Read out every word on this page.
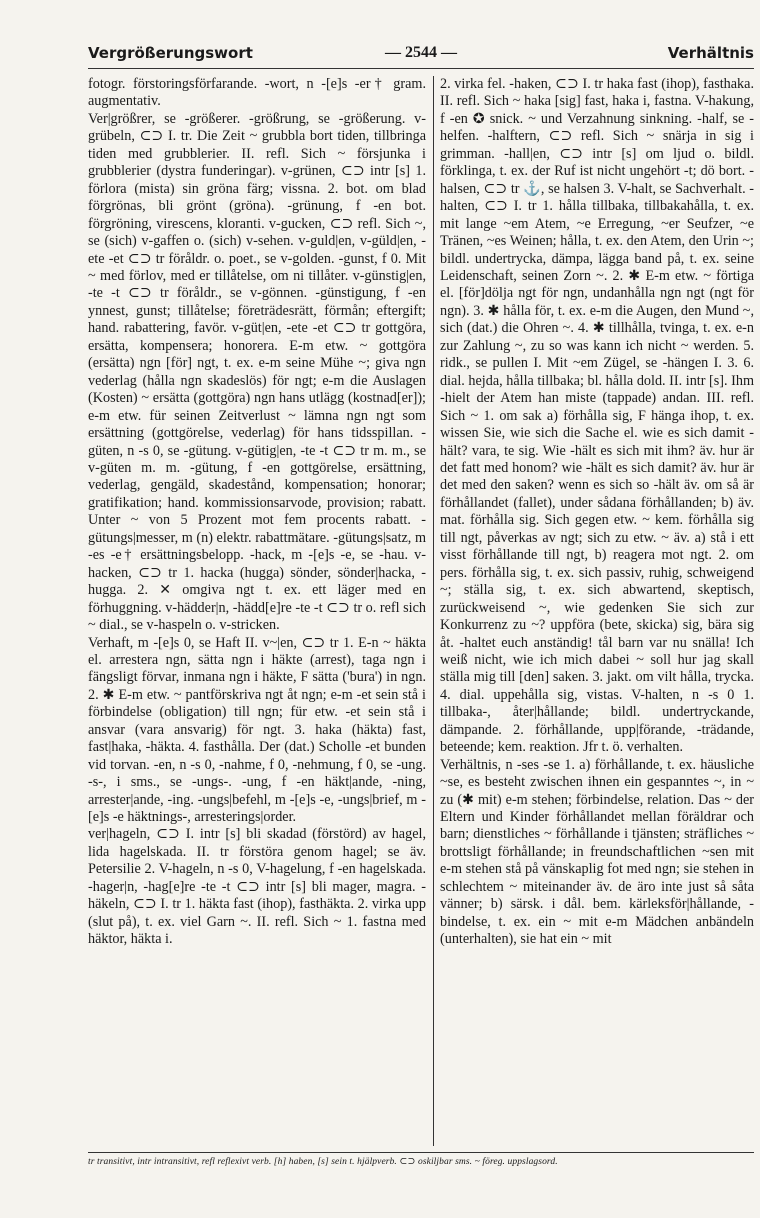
Vergrößerungswort	— 2544 —	Verhältnis

fotogr. förstoringsförfarande. -wort, n -[e]s -er† gram. augmentativ.

Ver|größrer, se -größerer. -größrung, se -größerung. v-grübeln, ⊂⊃ I. tr. Die Zeit ~ grubbla bort tiden, tillbringa tiden med grubblerier. II. refl. Sich ~ försjunka i grubblerier (dystra funderingar). v-grünen, ⊂⊃ intr [s] 1. förlora (mista) sin gröna färg; vissna. 2. bot. om blad förgrönas, bli grönt (gröna). -grünung, f -en bot. förgröning, virescens, kloranti. v-gucken, ⊂⊃ refl. Sich ~, se (sich) v-gaffen o. (sich) v-sehen. v-guld|en, v-güld|en, -ete -et ⊂⊃ tr föråldr. o. poet., se v-golden. -gunst, f 0. Mit ~ med förlov, med er tillåtelse, om ni tillåter. v-günstig|en, -te -t ⊂⊃ tr föråldr., se v-gönnen. -günstigung, f -en ynnest, gunst; tillåtelse; företrädesrätt, förmån; eftergift; hand. rabattering, favör. v-güt|en, -ete -et ⊂⊃ tr gottgöra, ersätta, kompensera; honorera. E-m etw. ~ gottgöra (ersätta) ngn [för] ngt, t. ex. e-m seine Mühe ~; giva ngn vederlag (hålla ngn skadeslös) för ngt; e-m die Auslagen (Kosten) ~ ersätta (gottgöra) ngn hans utlägg (kostnad[er]); e-m etw. für seinen Zeitverlust ~ lämna ngn ngt som ersättning (gottgörelse, vederlag) för hans tidsspillan. -güten, n -s 0, se -gütung. v-gütig|en, -te -t ⊂⊃ tr m. m., se v-güten m. m. -gütung, f -en gottgörelse, ersättning, vederlag, gengäld, skadestånd, kompensation; honorar; gratifikation; hand. kommissionsarvode, provision; rabatt. Unter ~ von 5 Prozent mot fem procents rabatt. -gütungs|messer, m (n) elektr. rabattmätare. -gütungs|satz, m -es -e† ersättningsbelopp. -hack, m -[e]s -e, se -hau. v-hacken, ⊂⊃ tr 1. hacka (hugga) sönder, sönder|hacka, -hugga. 2. ✕ omgiva ngt t. ex. ett läger med en förhuggning. v-hädder|n, -hädd[e]re -te -t ⊂⊃ tr o. refl sich ~ dial., se v-haspeln o. v-stricken.

Verhaft, m -[e]s 0, se Haft II. v~|en, ⊂⊃ tr 1. E-n ~ häkta el. arrestera ngn, sätta ngn i häkte (arrest), taga ngn i fängsligt förvar, inmana ngn i häkte, F sätta ('bura') in ngn. 2. ✱ E-m etw. ~ pantförskriva ngt åt ngn; e-m -et sein stå i förbindelse (obligation) till ngn; für etw. -et sein stå i ansvar (vara ansvarig) för ngt. 3. haka (häkta) fast, fast|haka, -häkta. 4. fasthålla. Der (dat.) Scholle -et bunden vid torvan. -en, n -s 0, -nahme, f 0, -nehmung, f 0, se -ung. -s-, i sms., se -ungs-. -ung, f -en häkt|ande, -ning, arrester|ande, -ing. -ungs|befehl, m -[e]s -e, -ungs|brief, m -[e]s -e häktnings-, arresterings|order.

ver|hageln, ⊂⊃ I. intr [s] bli skadad (förstörd) av hagel, lida hagelskada. II. tr förstöra genom hagel; se äv. Petersilie 2. V-hageln, n -s 0, V-hagelung, f -en hagelskada. -hager|n, -hag[e]re -te -t ⊂⊃ intr [s] bli mager, magra. -häkeln, ⊂⊃ I. tr 1. häkta fast (ihop), fasthäkta. 2. virka upp (slut på), t. ex. viel Garn ~. II. refl. Sich ~ 1. fastna med häktor, häkta i.

2. virka fel. -haken, ⊂⊃ I. tr haka fast (ihop), fasthaka. II. refl. Sich ~ haka [sig] fast, haka i, fastna. V-hakung, f -en ✪ snick. ~ und Verzahnung sinkning. -half, se -helfen. -halftern, ⊂⊃ refl. Sich ~ snärja in sig i grimman. -hall|en, ⊂⊃ intr [s] om ljud o. bildl. förklinga, t. ex. der Ruf ist nicht ungehört -t; dö bort. -halsen, ⊂⊃ tr ⚓, se halsen 3. V-halt, se Sachverhalt. -halten, ⊂⊃ I. tr 1. hålla tillbaka, tillbakahålla, t. ex. mit lange ~em Atem, ~e Erregung, ~er Seufzer, ~e Tränen, ~es Weinen; hålla, t. ex. den Atem, den Urin ~; bildl. undertrycka, dämpa, lägga band på, t. ex. seine Leidenschaft, seinen Zorn ~. 2. ✱ E-m etw. ~ förtiga el. [för]dölja ngt för ngn, undanhålla ngn ngt (ngt för ngn). 3. ✱ hålla för, t. ex. e-m die Augen, den Mund ~, sich (dat.) die Ohren ~. 4. ✱ tillhålla, tvinga, t. ex. e-n zur Zahlung ~, zu so was kann ich nicht ~ werden. 5. ridk., se pullen I. Mit ~em Zügel, se -hängen I. 3. 6. dial. hejda, hålla tillbaka; bl. hålla dold. II. intr [s]. Ihm -hielt der Atem han miste (tappade) andan. III. refl. Sich ~ 1. om sak a) förhålla sig, F hänga ihop, t. ex. wissen Sie, wie sich die Sache el. wie es sich damit -hält? vara, te sig. Wie -hält es sich mit ihm? äv. hur är det fatt med honom? wie -hält es sich damit? äv. hur är det med den saken? wenn es sich so -hält äv. om så är förhållandet (fallet), under sådana förhållanden; b) äv. mat. förhålla sig. Sich gegen etw. ~ kem. förhålla sig till ngt, påverkas av ngt; sich zu etw. ~ äv. a) stå i ett visst förhållande till ngt, b) reagera mot ngt. 2. om pers. förhålla sig, t. ex. sich passiv, ruhig, schweigend ~; ställa sig, t. ex. sich abwartend, skeptisch, zurückweisend ~, wie gedenken Sie sich zur Konkurrenz zu ~? uppföra (bete, skicka) sig, bära sig åt. -haltet euch anständig! tål barn var nu snälla! Ich weiß nicht, wie ich mich dabei ~ soll hur jag skall ställa mig till [den] saken. 3. jakt. om vilt hålla, trycka. 4. dial. uppehålla sig, vistas. V-halten, n -s 0 1. tillbaka-, åter|hållande; bildl. undertryckande, dämpande. 2. förhållande, upp|förande, -trädande, beteende; kem. reaktion. Jfr t. ö. verhalten.

Verhältnis, n -ses -se 1. a) förhållande, t. ex. häusliche ~se, es besteht zwischen ihnen ein gespanntes ~, in ~ zu (✱ mit) e-m stehen; förbindelse, relation. Das ~ der Eltern und Kinder förhållandet mellan föräldrar och barn; dienstliches ~ förhållande i tjänsten; sträfliches ~ brottsligt förhållande; in freundschaftlichen ~sen mit e-m stehen stå på vänskaplig fot med ngn; sie stehen in schlechtem ~ miteinander äv. de äro inte just så såta vänner; b) särsk. i dål. bem. kärleksför|hållande, -bindelse, t. ex. ein ~ mit e-m Mädchen anbändeln (unterhalten), sie hat ein ~ mit

tr transitivt, intr intransitivt, refl reflexivt verb. [h] haben, [s] sein t. hjälpverb. ⊂⊃ oskiljbar sms. ~ föreg. uppslagsord.
